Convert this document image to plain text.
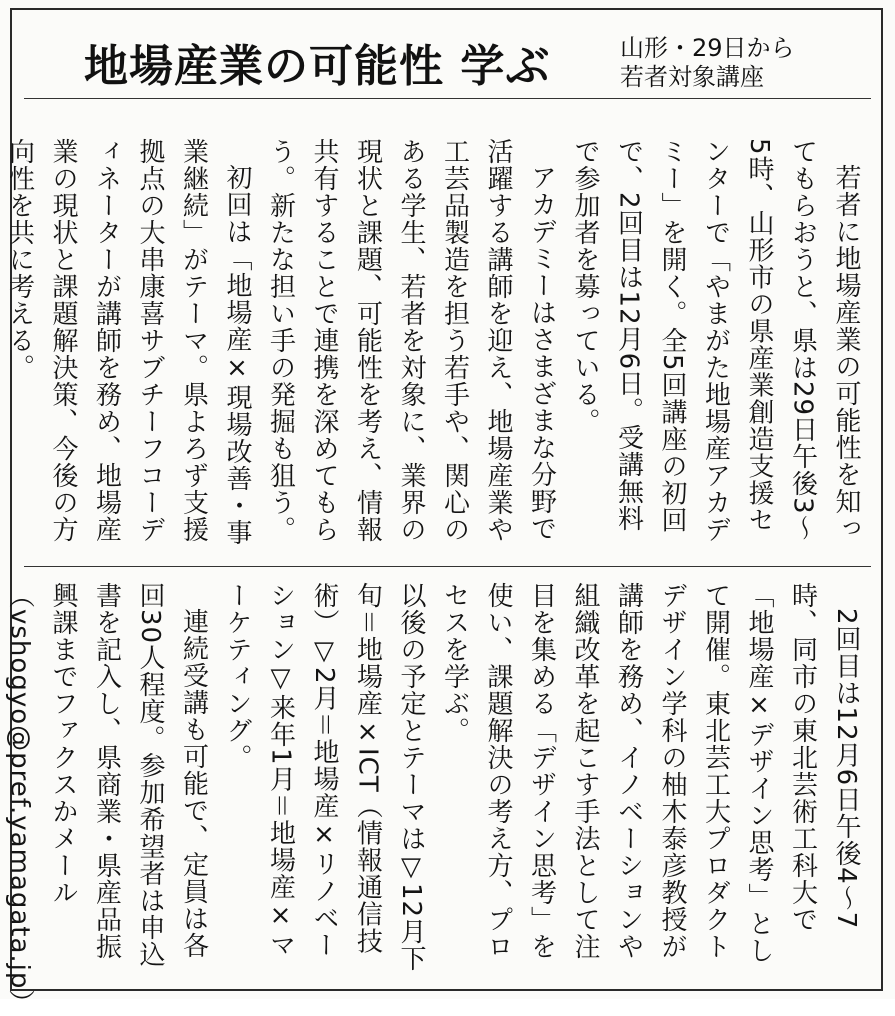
地場産業の可能性 学ぶ	山形・29日から
若者対象講座

若者に地場産業の可能性を知ってもらおうと、県は29日午後3〜5時、山形市の県産業創造支援センターで「やまがた地場産アカデミー」を開く。全5回講座の初回で、2回目は12月6日。受講無料で参加者を募っている。

アカデミーはさまざまな分野で活躍する講師を迎え、地場産業や工芸品製造を担う若手や、関心のある学生、若者を対象に、業界の現状と課題、可能性を考え、情報共有することで連携を深めてもらう。新たな担い手の発掘も狙う。

初回は「地場産×現場改善・事業継続」がテーマ。県よろず支援拠点の大串康喜サブチーフコーディネーターが講師を務め、地場産業の現状と課題解決策、今後の方向性を共に考える。

2回目は12月6日午後4〜7時、同市の東北芸術工科大で「地場産×デザイン思考」として開催。東北芸工大プロダクトデザイン学科の柚木泰彦教授が講師を務め、イノベーションや組織改革を起こす手法として注目を集める「デザイン思考」を使い、課題解決の考え方、プロセスを学ぶ。

以後の予定とテーマは▽12月下旬＝地場産×ICT（情報通信技術）▽2月＝地場産×リノベーション▽来年1月＝地場産×マーケティング。

連続受講も可能で、定員は各回30人程度。参加希望者は申込書を記入し、県商業・県産品振興課までファクスかメール（vshogyo@pref.yamagata.jp）
